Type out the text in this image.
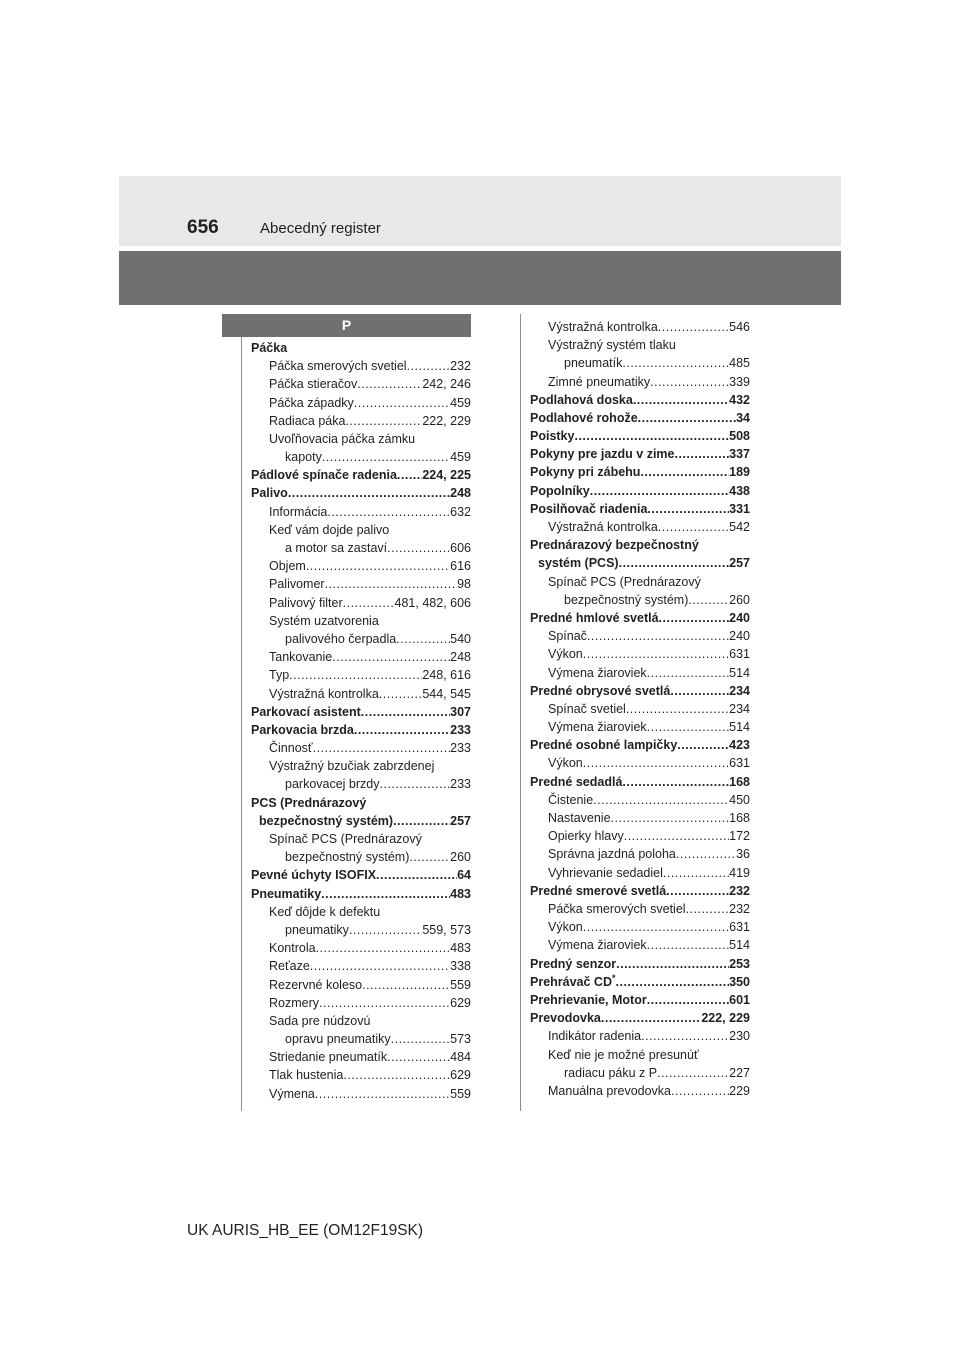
656	Abecedný register
P
Páčka
Páčka smerových svetiel .....	232
Páčka stieračov .....	242, 246
Páčka západky .....	459
Radiaca páka .....	222, 229
Uvoľňovacia páčka zámku
kapoty .....	459
Pádlové spínače radenia ..... 224, 225
Palivo .....	248
Informácia .....	632
Keď vám dojde palivo
a motor sa zastaví .....	606
Objem .....	616
Palivomer .....	98
Palivový filter .....	481, 482, 606
Systém uzatvorenia
palivového čerpadla .....	540
Tankovanie .....	248
Typ .....	248, 616
Výstražná kontrolka .....	544, 545
Parkovací asistent .....	307
Parkovacia brzda .....	233
Činnosť .....	233
Výstražný bzučiak zabrzdenej
parkovacej brzdy .....	233
PCS (Prednárazový
bezpečnostný systém) .....	257
Spínač PCS (Prednárazový
bezpečnostný systém) .....	260
Pevné úchyty ISOFIX .....	64
Pneumatiky .....	483
Keď dôjde k defektu
pneumatiky .....	559, 573
Kontrola .....	483
Reťaze .....	338
Rezervné koleso .....	559
Rozmery .....	629
Sada pre núdzovú
opravu pneumatiky .....	573
Striedanie pneumatík .....	484
Tlak hustenia .....	629
Výmena .....	559
Výstražná kontrolka .....	546
Výstražný systém tlaku
pneumatík .....	485
Zimné pneumatiky .....	339
Podlahová doska .....	432
Podlahové rohože .....	34
Poistky .....	508
Pokyny pre jazdu v zime .....	337
Pokyny pri zábehu .....	189
Popolníky .....	438
Posilňovač riadenia .....	331
Výstražná kontrolka .....	542
Prednárazový bezpečnostný
systém (PCS) .....	257
Spínač PCS (Prednárazový
bezpečnostný systém) .....	260
Predné hmlové svetlá .....	240
Spínač .....	240
Výkon .....	631
Výmena žiaroviek .....	514
Predné obrysové svetlá .....	234
Spínač svetiel .....	234
Výmena žiaroviek .....	514
Predné osobné lampičky .....	423
Výkon .....	631
Predné sedadlá .....	168
Čistenie .....	450
Nastavenie .....	168
Opierky hlavy .....	172
Správna jazdná poloha .....	36
Vyhrievanie sedadiel .....	419
Predné smerové svetlá .....	232
Páčka smerových svetiel .....	232
Výkon .....	631
Výmena žiaroviek .....	514
Predný senzor .....	253
Prehrávač CD* .....	350
Prehrievanie, Motor .....	601
Prevodovka .....	222, 229
Indikátor radenia .....	230
Keď nie je možné presunúť
radiacu páku z P .....	227
Manuálna prevodovka .....	229
UK AURIS_HB_EE (OM12F19SK)
